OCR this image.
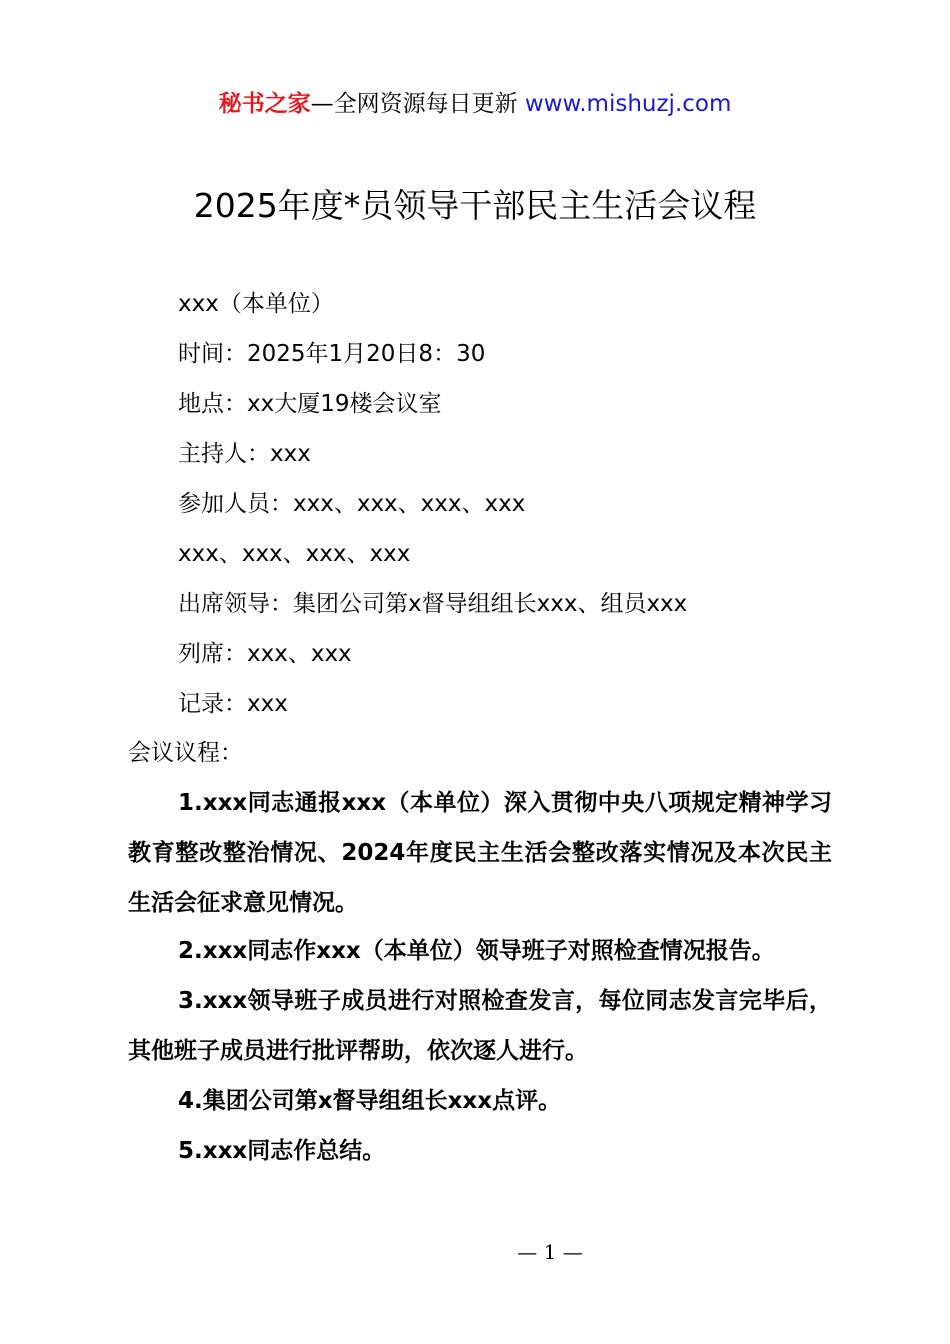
秘书之家—全网资源每日更新 www.mishuzj.com
2025年度*员领导干部民主生活会议程
xxx（本单位）
时间：2025年1月20日8：30
地点：xx大厦19楼会议室
主持人：xxx
参加人员：xxx、xxx、xxx、xxx
xxx、xxx、xxx、xxx
出席领导：集团公司第x督导组组长xxx、组员xxx
列席：xxx、xxx
记录：xxx
会议议程：
1.xxx同志通报xxx（本单位）深入贯彻中央八项规定精神学习教育整改整治情况、2024年度民主生活会整改落实情况及本次民主生活会征求意见情况。
2.xxx同志作xxx（本单位）领导班子对照检查情况报告。
3.xxx领导班子成员进行对照检查发言，每位同志发言完毕后，其他班子成员进行批评帮助，依次逐人进行。
4.集团公司第x督导组组长xxx点评。
5.xxx同志作总结。
— 1 —
